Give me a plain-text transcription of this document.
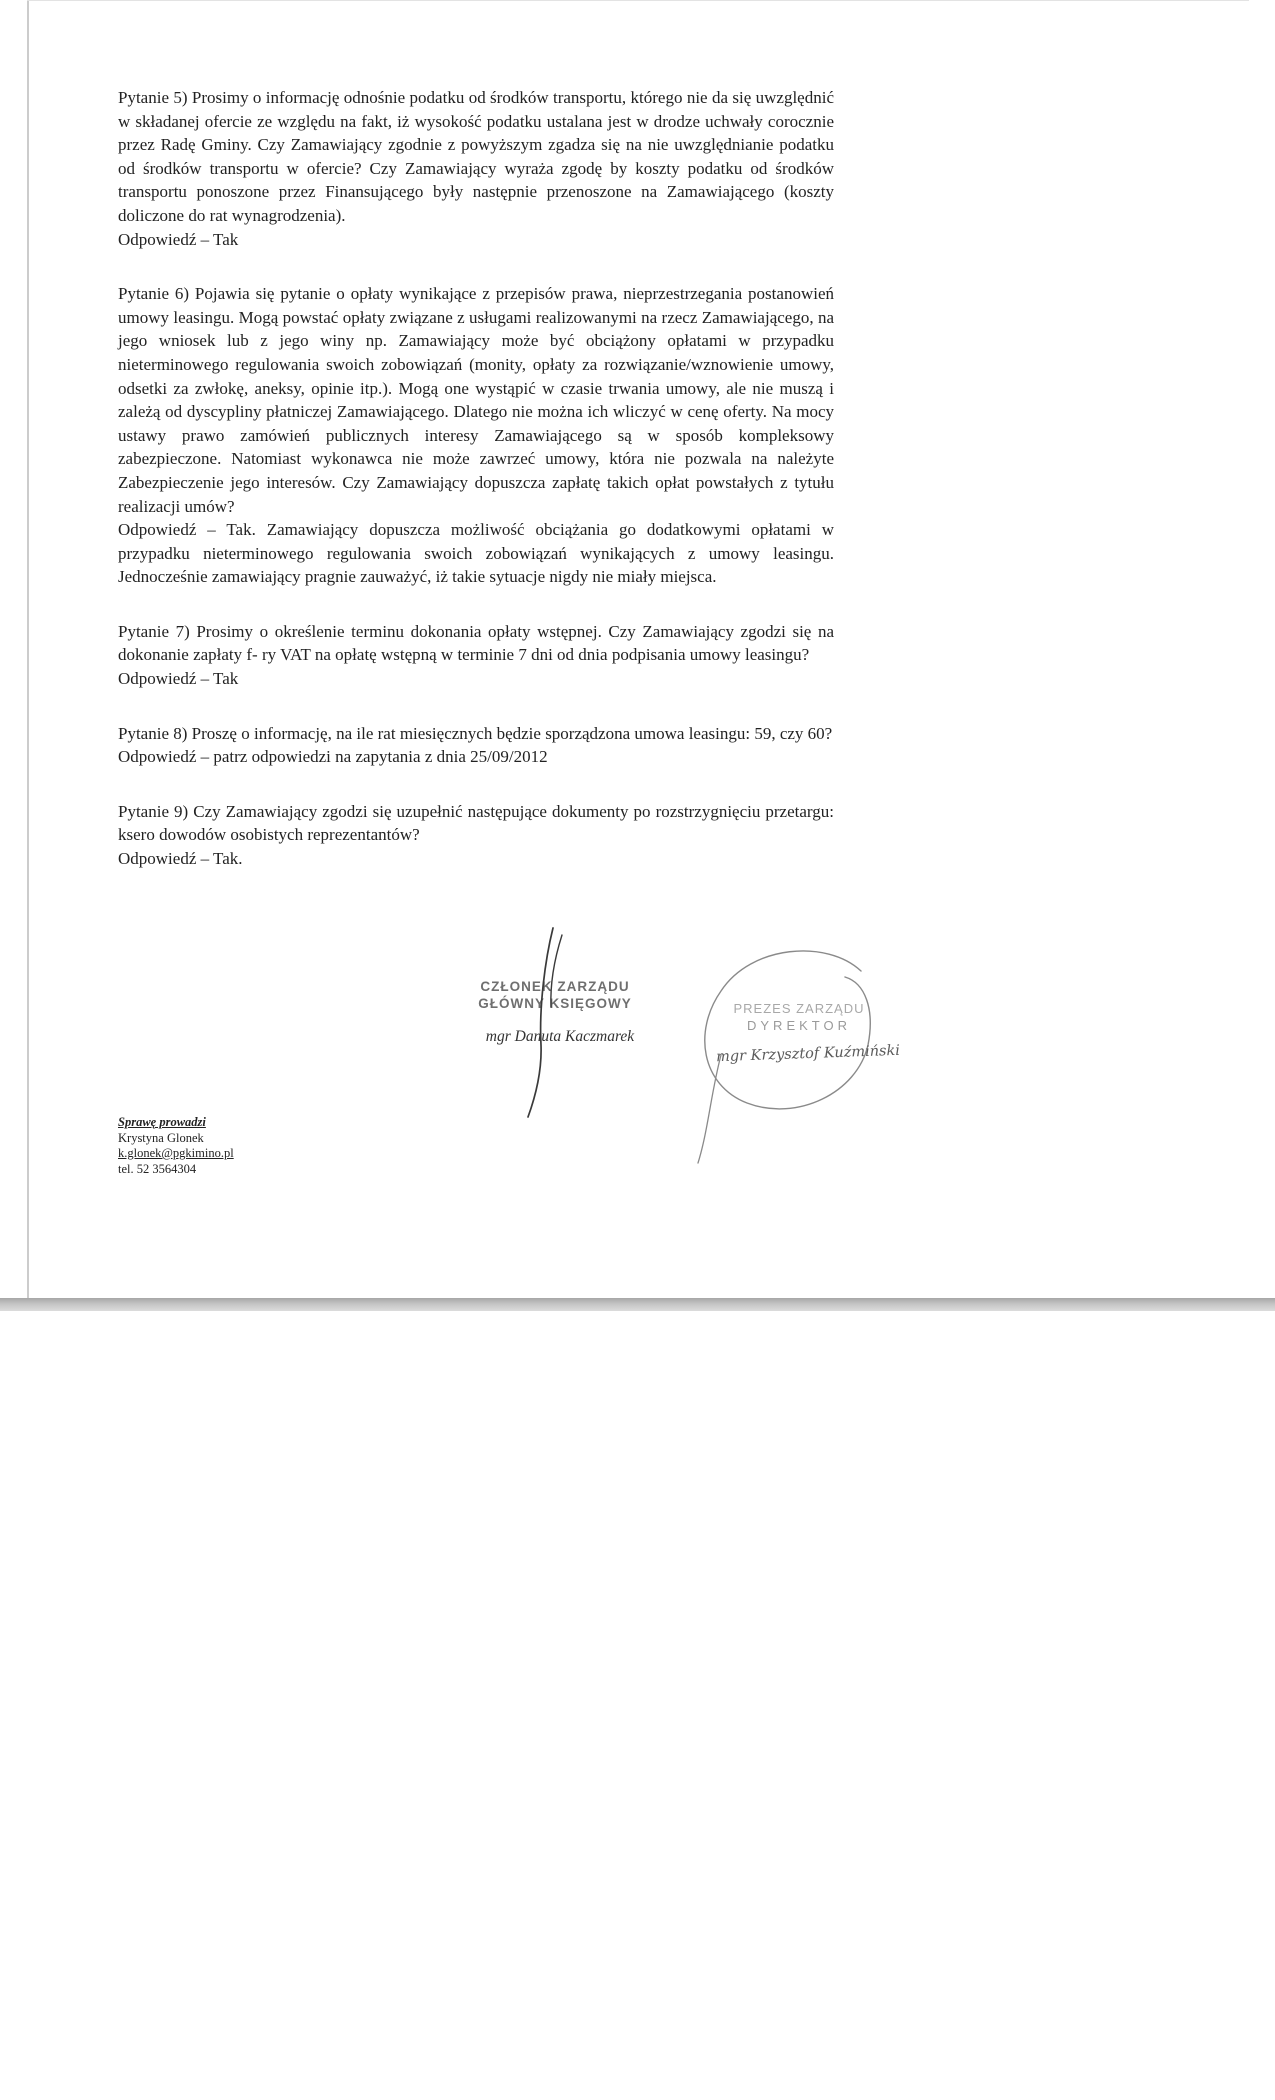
Pytanie 5) Prosimy o informację odnośnie podatku od środków transportu, którego nie da się uwzględnić w składanej ofercie ze względu na fakt, iż wysokość podatku ustalana jest w drodze uchwały corocznie przez Radę Gminy. Czy Zamawiający zgodnie z powyższym zgadza się na nie uwzględnianie podatku od środków transportu w ofercie? Czy Zamawiający wyraża zgodę by koszty podatku od środków transportu ponoszone przez Finansującego były następnie przenoszone na Zamawiającego (koszty doliczone do rat wynagrodzenia).

Odpowiedź – Tak

Pytanie 6) Pojawia się pytanie o opłaty wynikające z przepisów prawa, nieprzestrzegania postanowień umowy leasingu. Mogą powstać opłaty związane z usługami realizowanymi na rzecz Zamawiającego, na jego wniosek lub z jego winy np. Zamawiający może być obciążony opłatami w przypadku nieterminowego regulowania swoich zobowiązań (monity, opłaty za rozwiązanie/wznowienie umowy, odsetki za zwłokę, aneksy, opinie itp.). Mogą one wystąpić w czasie trwania umowy, ale nie muszą i zależą od dyscypliny płatniczej Zamawiającego. Dlatego nie można ich wliczyć w cenę oferty. Na mocy ustawy prawo zamówień publicznych interesy Zamawiającego są w sposób kompleksowy zabezpieczone. Natomiast wykonawca nie może zawrzeć umowy, która nie pozwala na należyte Zabezpieczenie jego interesów. Czy Zamawiający dopuszcza zapłatę takich opłat powstałych z tytułu realizacji umów?

Odpowiedź – Tak. Zamawiający dopuszcza możliwość obciążania go dodatkowymi opłatami w przypadku nieterminowego regulowania swoich zobowiązań wynikających z umowy leasingu. Jednocześnie zamawiający pragnie zauważyć, iż takie sytuacje nigdy nie miały miejsca.

Pytanie 7) Prosimy o określenie terminu dokonania opłaty wstępnej. Czy Zamawiający zgodzi się na dokonanie zapłaty f- ry VAT na opłatę wstępną w terminie 7 dni od dnia podpisania umowy leasingu?

Odpowiedź – Tak

Pytanie 8) Proszę o informację, na ile rat miesięcznych będzie sporządzona umowa leasingu: 59, czy 60?

Odpowiedź – patrz odpowiedzi na zapytania z dnia 25/09/2012

Pytanie 9) Czy Zamawiający zgodzi się uzupełnić następujące dokumenty po rozstrzygnięciu przetargu: ksero dowodów osobistych reprezentantów?

Odpowiedź – Tak.

CZŁONEK ZARZĄDU
GŁÓWNY KSIĘGOWY
mgr Danuta Kaczmarek
PREZES ZARZĄDU
DYREKTOR
mgr Krzysztof Kuźmiński
Sprawę prowadzi
Krystyna Glonek
k.glonek@pgkimino.pl
tel. 52 3564304
